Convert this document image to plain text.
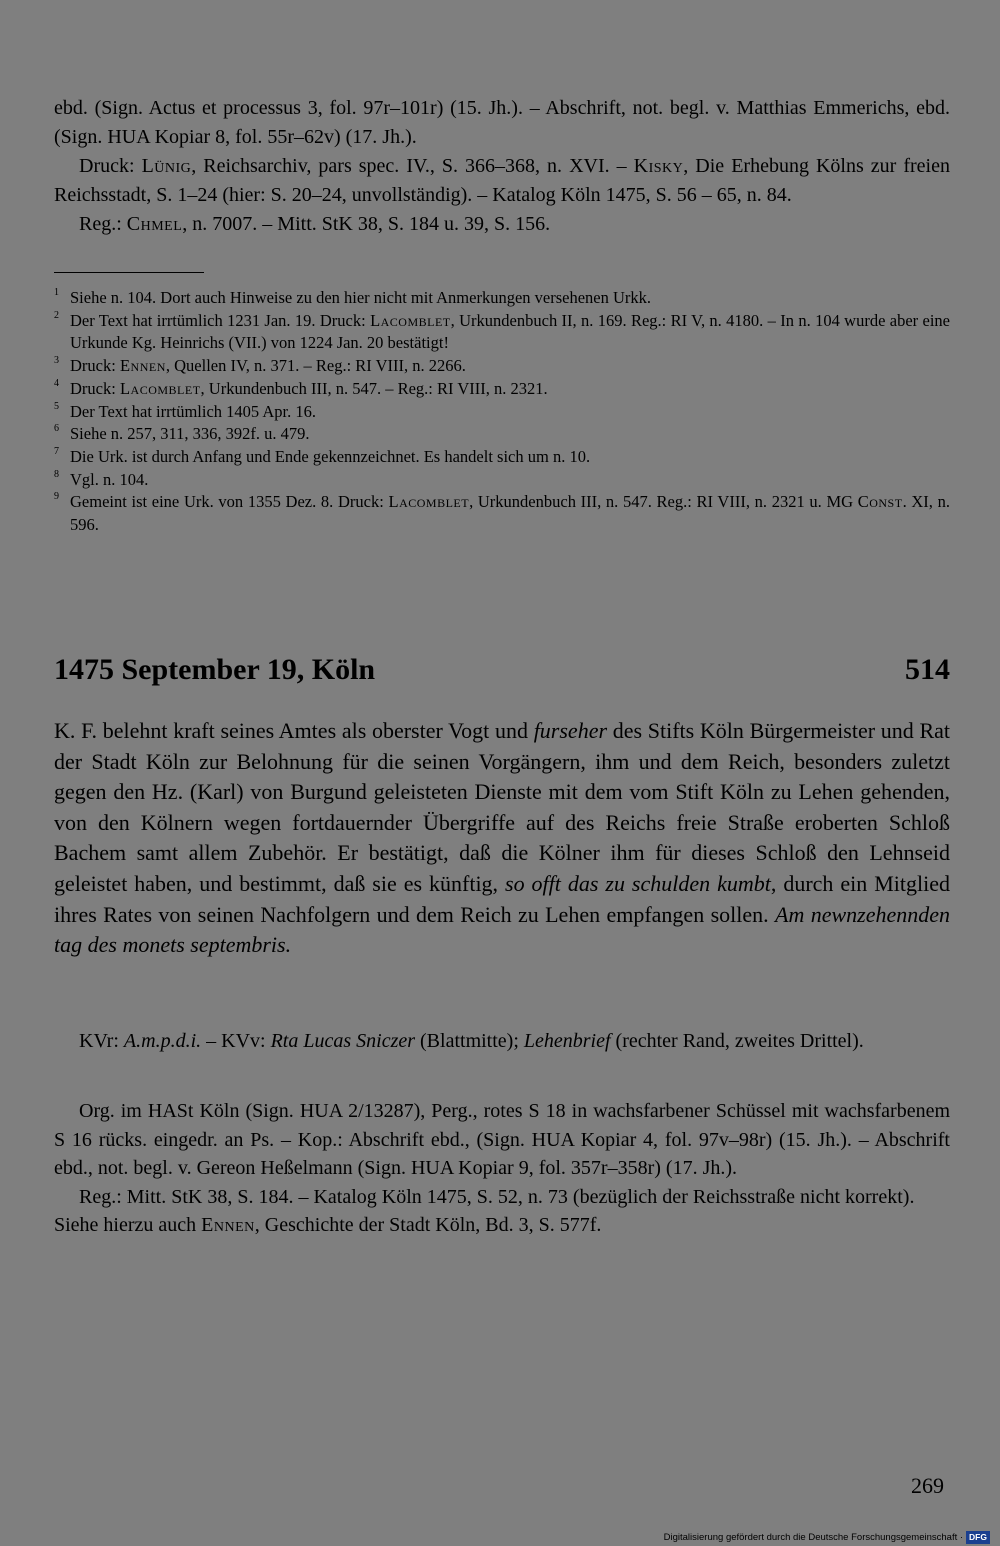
ebd. (Sign. Actus et processus 3, fol. 97r–101r) (15. Jh.). – Abschrift, not. begl. v. Matthias Emmerichs, ebd. (Sign. HUA Kopiar 8, fol. 55r–62v) (17. Jh.).

Druck: Lünig, Reichsarchiv, pars spec. IV., S. 366–368, n. XVI. – Kisky, Die Erhebung Kölns zur freien Reichsstadt, S. 1–24 (hier: S. 20–24, unvollständig). – Katalog Köln 1475, S. 56 – 65, n. 84.

Reg.: Chmel, n. 7007. – Mitt. StK 38, S. 184 u. 39, S. 156.

1 Siehe n. 104. Dort auch Hinweise zu den hier nicht mit Anmerkungen versehenen Urkk.

2 Der Text hat irrtümlich 1231 Jan. 19. Druck: Lacomblet, Urkundenbuch II, n. 169. Reg.: RI V, n. 4180. – In n. 104 wurde aber eine Urkunde Kg. Heinrichs (VII.) von 1224 Jan. 20 bestätigt!

3 Druck: Ennen, Quellen IV, n. 371. – Reg.: RI VIII, n. 2266.

4 Druck: Lacomblet, Urkundenbuch III, n. 547. – Reg.: RI VIII, n. 2321.

5 Der Text hat irrtümlich 1405 Apr. 16.

6 Siehe n. 257, 311, 336, 392f. u. 479.

7 Die Urk. ist durch Anfang und Ende gekennzeichnet. Es handelt sich um n. 10.

8 Vgl. n. 104.

9 Gemeint ist eine Urk. von 1355 Dez. 8. Druck: Lacomblet, Urkundenbuch III, n. 547. Reg.: RI VIII, n. 2321 u. MG Const. XI, n. 596.

1475 September 19, Köln	514

K. F. belehnt kraft seines Amtes als oberster Vogt und furseher des Stifts Köln Bürgermeister und Rat der Stadt Köln zur Belohnung für die seinen Vorgängern, ihm und dem Reich, besonders zuletzt gegen den Hz. (Karl) von Burgund geleisteten Dienste mit dem vom Stift Köln zu Lehen gehenden, von den Kölnern wegen fortdauernder Übergriffe auf des Reichs freie Straße eroberten Schloß Bachem samt allem Zubehör. Er bestätigt, daß die Kölner ihm für dieses Schloß den Lehnseid geleistet haben, und bestimmt, daß sie es künftig, so offt das zu schulden kumbt, durch ein Mitglied ihres Rates von seinen Nachfolgern und dem Reich zu Lehen empfangen sollen. Am newnzehennden tag des monets septembris.

KVr: A.m.p.d.i. – KVv: Rta Lucas Sniczer (Blattmitte); Lehenbrief (rechter Rand, zweites Drittel).

Org. im HASt Köln (Sign. HUA 2/13287), Perg., rotes S 18 in wachsfarbener Schüssel mit wachsfarbenem S 16 rücks. eingedr. an Ps. – Kop.: Abschrift ebd., (Sign. HUA Kopiar 4, fol. 97v–98r) (15. Jh.). – Abschrift ebd., not. begl. v. Gereon Heßelmann (Sign. HUA Kopiar 9, fol. 357r–358r) (17. Jh.).

Reg.: Mitt. StK 38, S. 184. – Katalog Köln 1475, S. 52, n. 73 (bezüglich der Reichsstraße nicht korrekt).

Siehe hierzu auch Ennen, Geschichte der Stadt Köln, Bd. 3, S. 577f.

269
Digitalisierung gefördert durch die Deutsche Forschungsgemeinschaft · DFG
